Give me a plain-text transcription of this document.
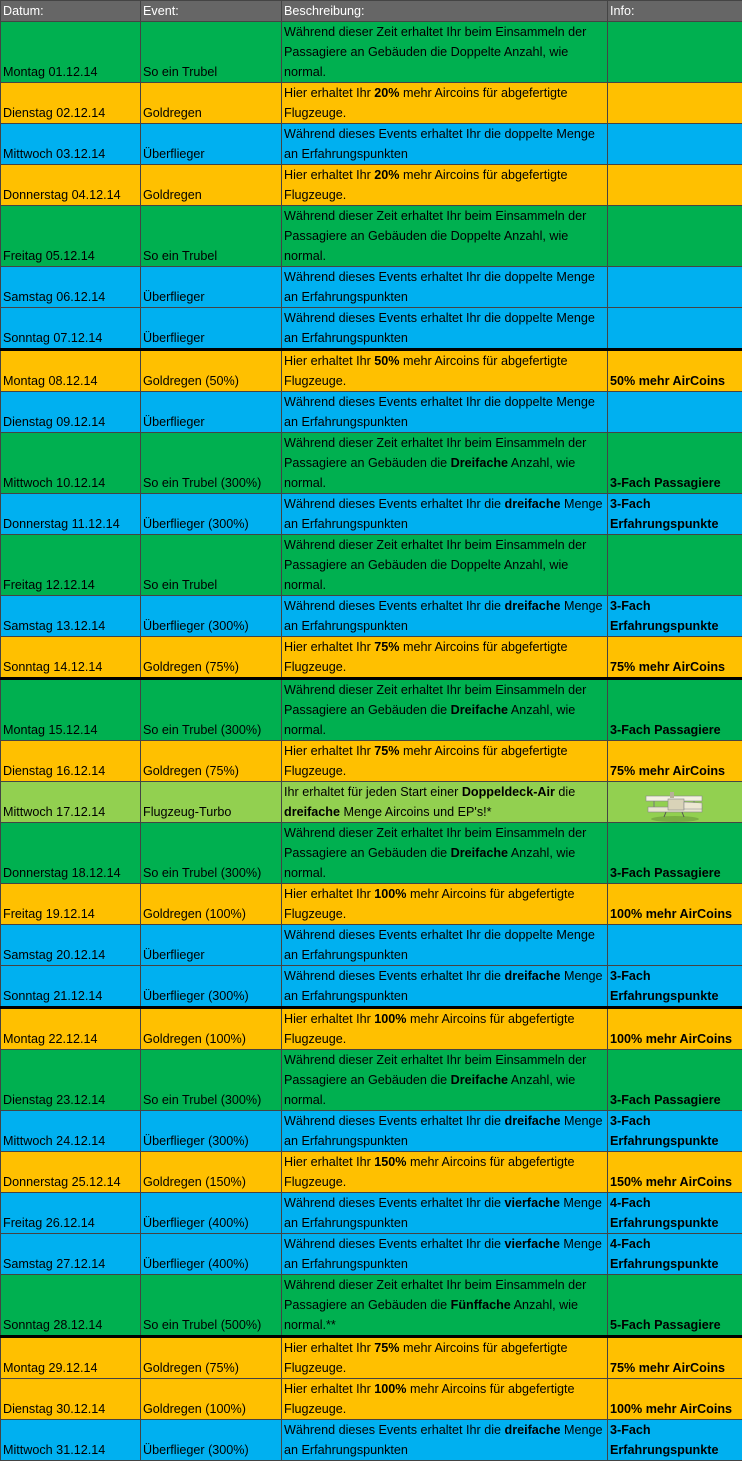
Datum:	Event:	Beschreibung:	Info:
Montag 01.12.14	So ein Trubel	Während dieser Zeit erhaltet Ihr beim Einsammeln der Passagiere an Gebäuden die Doppelte Anzahl, wie normal.	
Dienstag 02.12.14	Goldregen	Hier erhaltet Ihr 20% mehr Aircoins für abgefertigte Flugzeuge.	
Mittwoch 03.12.14	Überflieger	Während dieses Events erhaltet Ihr die doppelte Menge an Erfahrungspunkten	
Donnerstag 04.12.14	Goldregen	Hier erhaltet Ihr 20% mehr Aircoins für abgefertigte Flugzeuge.	
Freitag 05.12.14	So ein Trubel	Während dieser Zeit erhaltet Ihr beim Einsammeln der Passagiere an Gebäuden die Doppelte Anzahl, wie normal.	
Samstag 06.12.14	Überflieger	Während dieses Events erhaltet Ihr die doppelte Menge an Erfahrungspunkten	
Sonntag 07.12.14	Überflieger	Während dieses Events erhaltet Ihr die doppelte Menge an Erfahrungspunkten	
Montag 08.12.14	Goldregen (50%)	Hier erhaltet Ihr 50% mehr Aircoins für abgefertigte Flugzeuge.	50% mehr AirCoins
Dienstag 09.12.14	Überflieger	Während dieses Events erhaltet Ihr die doppelte Menge an Erfahrungspunkten	
Mittwoch 10.12.14	So ein Trubel (300%)	Während dieser Zeit erhaltet Ihr beim Einsammeln der Passagiere an Gebäuden die Dreifache Anzahl, wie normal.	3-Fach Passagiere
Donnerstag 11.12.14	Überflieger (300%)	Während dieses Events erhaltet Ihr die dreifache Menge an Erfahrungspunkten	3-Fach Erfahrungspunkte
Freitag 12.12.14	So ein Trubel	Während dieser Zeit erhaltet Ihr beim Einsammeln der Passagiere an Gebäuden die Doppelte Anzahl, wie normal.	
Samstag 13.12.14	Überflieger (300%)	Während dieses Events erhaltet Ihr die dreifache Menge an Erfahrungspunkten	3-Fach Erfahrungspunkte
Sonntag 14.12.14	Goldregen (75%)	Hier erhaltet Ihr 75% mehr Aircoins für abgefertigte Flugzeuge.	75% mehr AirCoins
Montag 15.12.14	So ein Trubel (300%)	Während dieser Zeit erhaltet Ihr beim Einsammeln der Passagiere an Gebäuden die Dreifache Anzahl, wie normal.	3-Fach Passagiere
Dienstag 16.12.14	Goldregen (75%)	Hier erhaltet Ihr 75% mehr Aircoins für abgefertigte Flugzeuge.	75% mehr AirCoins
Mittwoch 17.12.14	Flugzeug-Turbo	Ihr erhaltet für jeden Start einer Doppeldeck-Air die dreifache Menge Aircoins und EP's!*	

Donnerstag 18.12.14	So ein Trubel (300%)	Während dieser Zeit erhaltet Ihr beim Einsammeln der Passagiere an Gebäuden die Dreifache Anzahl, wie normal.	3-Fach Passagiere
Freitag 19.12.14	Goldregen (100%)	Hier erhaltet Ihr 100% mehr Aircoins für abgefertigte Flugzeuge.	100% mehr AirCoins
Samstag 20.12.14	Überflieger	Während dieses Events erhaltet Ihr die doppelte Menge an Erfahrungspunkten	
Sonntag 21.12.14	Überflieger (300%)	Während dieses Events erhaltet Ihr die dreifache Menge an Erfahrungspunkten	3-Fach Erfahrungspunkte
Montag 22.12.14	Goldregen (100%)	Hier erhaltet Ihr 100% mehr Aircoins für abgefertigte Flugzeuge.	100% mehr AirCoins
Dienstag 23.12.14	So ein Trubel (300%)	Während dieser Zeit erhaltet Ihr beim Einsammeln der Passagiere an Gebäuden die Dreifache Anzahl, wie normal.	3-Fach Passagiere
Mittwoch 24.12.14	Überflieger (300%)	Während dieses Events erhaltet Ihr die dreifache Menge an Erfahrungspunkten	3-Fach Erfahrungspunkte
Donnerstag 25.12.14	Goldregen (150%)	Hier erhaltet Ihr 150% mehr Aircoins für abgefertigte Flugzeuge.	150% mehr AirCoins
Freitag 26.12.14	Überflieger (400%)	Während dieses Events erhaltet Ihr die vierfache Menge an Erfahrungspunkten	4-Fach Erfahrungspunkte
Samstag 27.12.14	Überflieger (400%)	Während dieses Events erhaltet Ihr die vierfache Menge an Erfahrungspunkten	4-Fach Erfahrungspunkte
Sonntag 28.12.14	So ein Trubel (500%)	Während dieser Zeit erhaltet Ihr beim Einsammeln der Passagiere an Gebäuden die Fünffache Anzahl, wie normal.**	5-Fach Passagiere
Montag 29.12.14	Goldregen (75%)	Hier erhaltet Ihr 75% mehr Aircoins für abgefertigte Flugzeuge.	75% mehr AirCoins
Dienstag 30.12.14	Goldregen (100%)	Hier erhaltet Ihr 100% mehr Aircoins für abgefertigte Flugzeuge.	100% mehr AirCoins
Mittwoch 31.12.14	Überflieger (300%)	Während dieses Events erhaltet Ihr die dreifache Menge an Erfahrungspunkten	3-Fach Erfahrungspunkte
